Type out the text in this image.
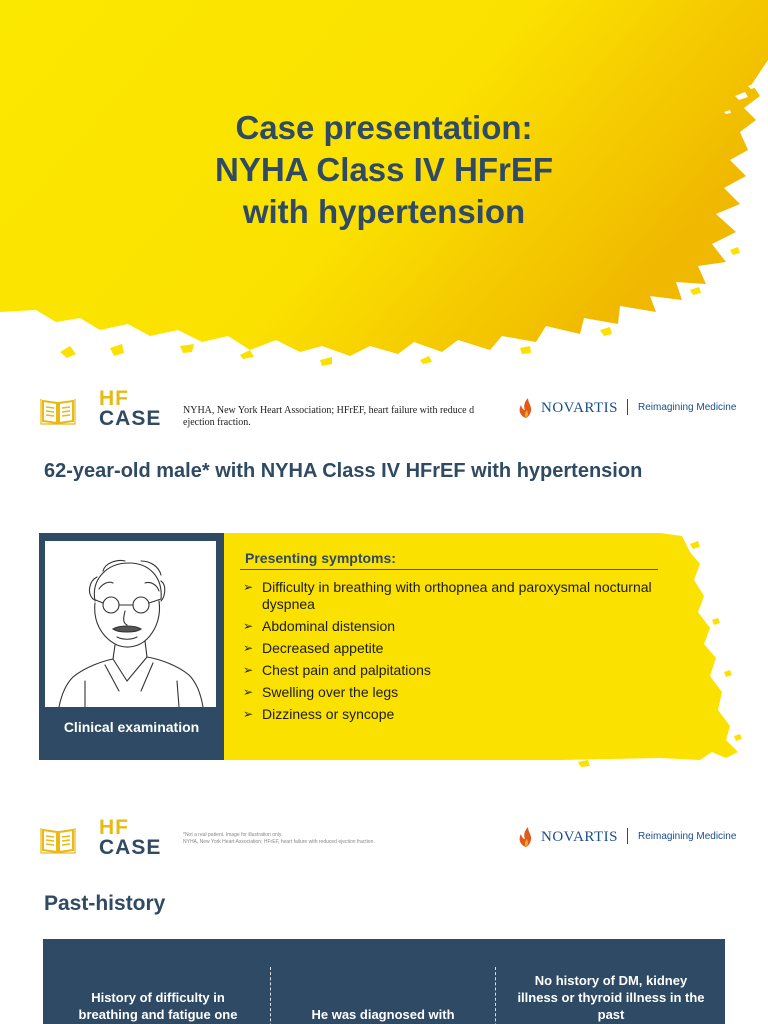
Case presentation:
NYHA Class IV HFrEF
with hypertension
HF
CASE NYHA, New York Heart Association; HFrEF, heart failure with reduce d ejection fraction.
NOVARTIS Reimagining Medicine
62-year-old male* with NYHA Class IV HFrEF with hypertension
Clinical examination
Presenting symptoms:
➢ Difficulty in breathing with orthopnea and paroxysmal nocturnal dyspnea
➢ Abdominal distension
➢ Decreased appetite
➢ Chest pain and palpitations
➢ Swelling over the legs
➢ Dizziness or syncope
HF
CASE
*Not a real patient. Image for illustration only.
NYHA, New York Heart Association; HFrEF, heart failure with reduced ejection fraction.	NOVARTIS Reimagining Medicine
Past-history
History of difficulty in breathing and fatigue one	He was diagnosed with
No history of DM, kidney illness or thyroid illness in the past
